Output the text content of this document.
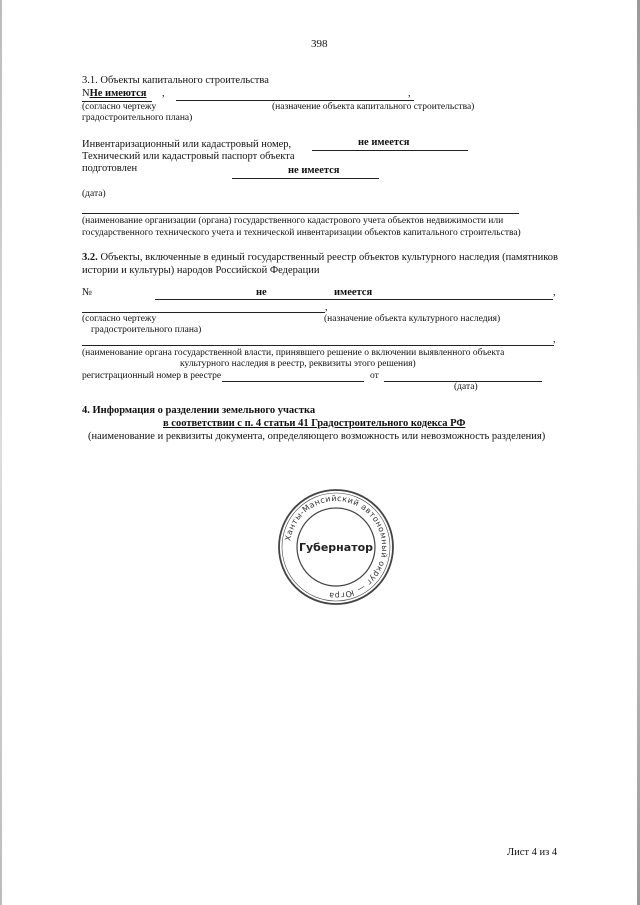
398
3.1. Объекты капитального строительства
NНе имеются ,	,
(согласно чертежу	(назначение объекта капитального строительства)
градостроительного плана)
Инвентаризационный или кадастровый номер,	не имеется
Технический или кадастровый паспорт объекта
подготовлен	не имеется
(дата)
(наименование организации (органа) государственного кадастрового учета объектов недвижимости или
государственного технического учета и технической инвентаризации объектов капитального строительства)
3.2. Объекты, включенные в единый государственный реестр объектов культурного наследия (памятников истории и культуры) народов Российской Федерации
№	не	имеется	,
,
(согласно чертежу	(назначение объекта культурного наследия)
градостроительного плана)
,
(наименование органа государственной власти, принявшего решение о включении выявленного объекта
культурного наследия в реестр, реквизиты этого решения)
регистрационный номер в реестре	от
(дата)
4. Информация о разделении земельного участка
в соответствии с п. 4 статьи 41 Градостроительного кодекса РФ
(наименование и реквизиты документа, определяющего возможность или невозможность разделения)
Ханты-Мансийский автономный округ — Югра
Губернатор
Лист 4 из 4
